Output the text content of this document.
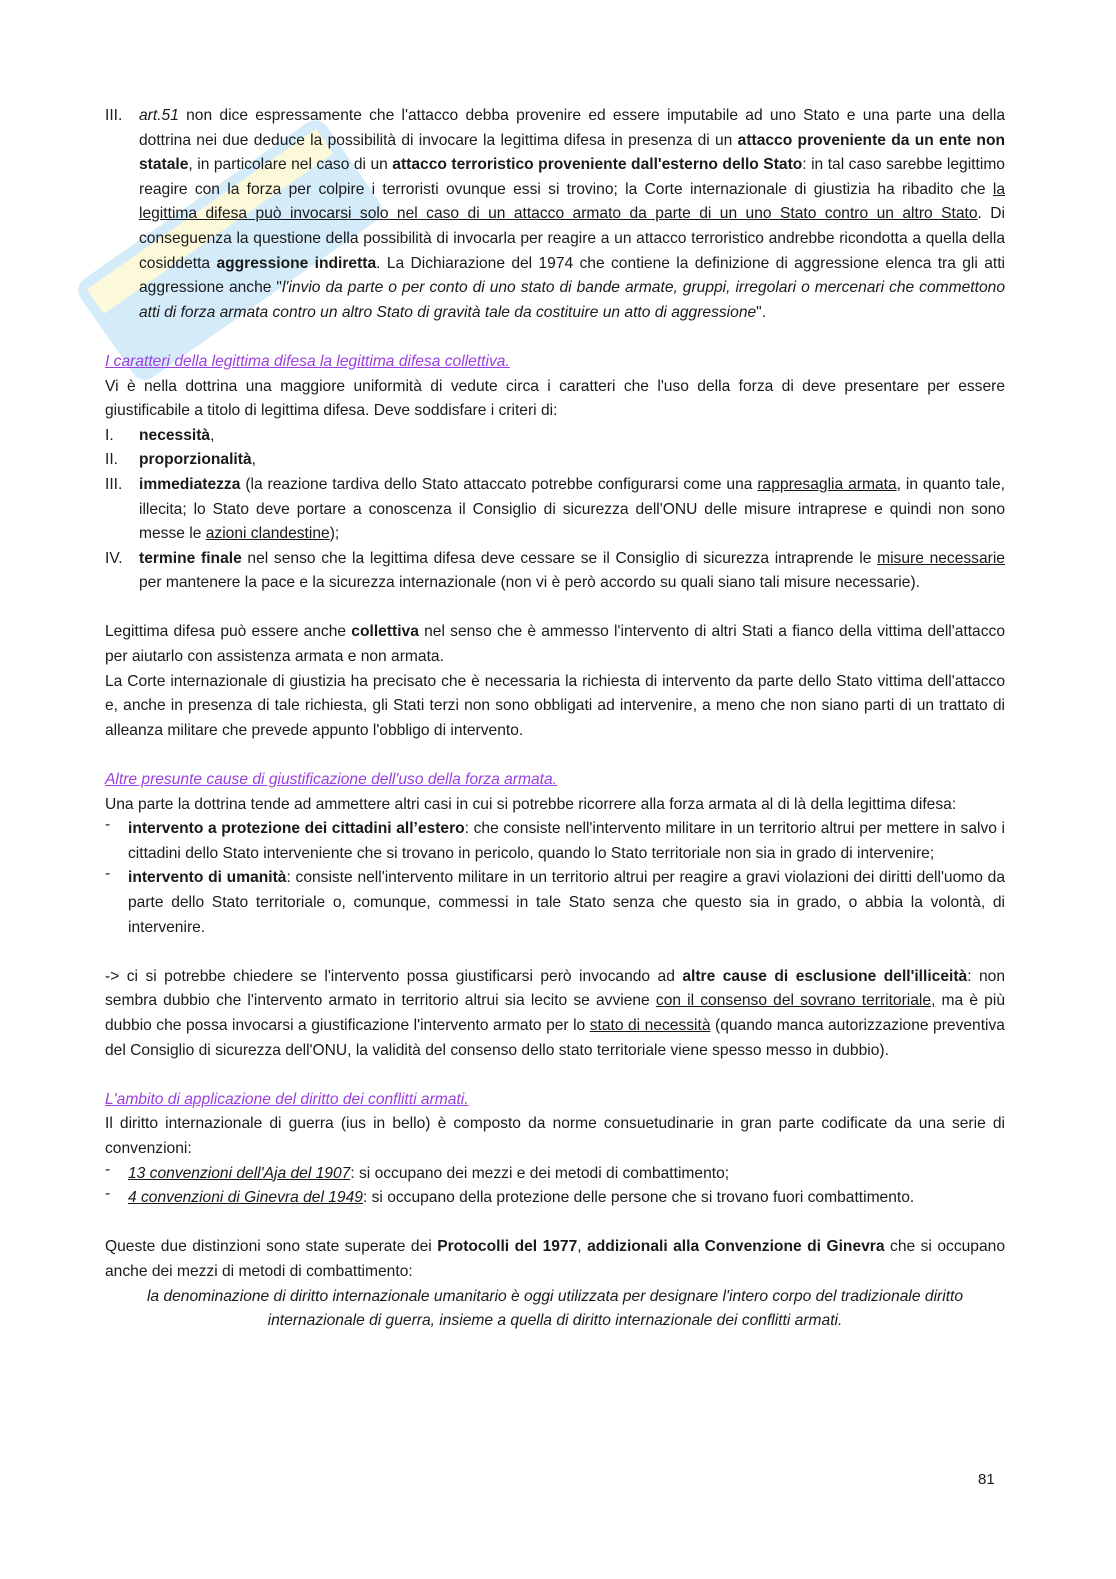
III. art.51 non dice espressamente che l'attacco debba provenire ed essere imputabile ad uno Stato e una parte una della dottrina nei due deduce la possibilità di invocare la legittima difesa in presenza di un attacco proveniente da un ente non statale, in particolare nel caso di un attacco terroristico proveniente dall'esterno dello Stato: in tal caso sarebbe legittimo reagire con la forza per colpire i terroristi ovunque essi si trovino; la Corte internazionale di giustizia ha ribadito che la legittima difesa può invocarsi solo nel caso di un attacco armato da parte di un uno Stato contro un altro Stato. Di conseguenza la questione della possibilità di invocarla per reagire a un attacco terroristico andrebbe ricondotta a quella della cosiddetta aggressione indiretta. La Dichiarazione del 1974 che contiene la definizione di aggressione elenca tra gli atti aggressione anche "l'invio da parte o per conto di uno stato di bande armate, gruppi, irregolari o mercenari che commettono atti di forza armata contro un altro Stato di gravità tale da costituire un atto di aggressione".

I caratteri della legittima difesa la legittima difesa collettiva.

Vi è nella dottrina una maggiore uniformità di vedute circa i caratteri che l'uso della forza di deve presentare per essere giustificabile a titolo di legittima difesa. Deve soddisfare i criteri di:

I. necessità,
II. proporzionalità,
III. immediatezza (la reazione tardiva dello Stato attaccato potrebbe configurarsi come una rappresaglia armata, in quanto tale, illecita; lo Stato deve portare a conoscenza il Consiglio di sicurezza dell'ONU delle misure intraprese e quindi non sono messe le azioni clandestine);
IV. termine finale nel senso che la legittima difesa deve cessare se il Consiglio di sicurezza intraprende le misure necessarie per mantenere la pace e la sicurezza internazionale (non vi è però accordo su quali siano tali misure necessarie).

Legittima difesa può essere anche collettiva nel senso che è ammesso l'intervento di altri Stati a fianco della vittima dell'attacco per aiutarlo con assistenza armata e non armata.

La Corte internazionale di giustizia ha precisato che è necessaria la richiesta di intervento da parte dello Stato vittima dell'attacco e, anche in presenza di tale richiesta, gli Stati terzi non sono obbligati ad intervenire, a meno che non siano parti di un trattato di alleanza militare che prevede appunto l'obbligo di intervento.

Altre presunte cause di giustificazione dell'uso della forza armata.

Una parte la dottrina tende ad ammettere altri casi in cui si potrebbe ricorrere alla forza armata al di là della legittima difesa:

- intervento a protezione dei cittadini all’estero: che consiste nell'intervento militare in un territorio altrui per mettere in salvo i cittadini dello Stato interveniente che si trovano in pericolo, quando lo Stato territoriale non sia in grado di intervenire;
- intervento di umanità: consiste nell'intervento militare in un territorio altrui per reagire a gravi violazioni dei diritti dell'uomo da parte dello Stato territoriale o, comunque, commessi in tale Stato senza che questo sia in grado, o abbia la volontà, di intervenire.

-> ci si potrebbe chiedere se l'intervento possa giustificarsi però invocando ad altre cause di esclusione dell'illiceità: non sembra dubbio che l'intervento armato in territorio altrui sia lecito se avviene con il consenso del sovrano territoriale, ma è più dubbio che possa invocarsi a giustificazione l'intervento armato per lo stato di necessità (quando manca autorizzazione preventiva del Consiglio di sicurezza dell'ONU, la validità del consenso dello stato territoriale viene spesso messo in dubbio).

L'ambito di applicazione del diritto dei conflitti armati.

Il diritto internazionale di guerra (ius in bello) è composto da norme consuetudinarie in gran parte codificate da una serie di convenzioni:

- 13 convenzioni dell'Aja del 1907: si occupano dei mezzi e dei metodi di combattimento;
- 4 convenzioni di Ginevra del 1949: si occupano della protezione delle persone che si trovano fuori combattimento.

Queste due distinzioni sono state superate dei Protocolli del 1977, addizionali alla Convenzione di Ginevra che si occupano anche dei mezzi di metodi di combattimento:

la denominazione di diritto internazionale umanitario è oggi utilizzata per designare l'intero corpo del tradizionale diritto internazionale di guerra, insieme a quella di diritto internazionale dei conflitti armati.

81
